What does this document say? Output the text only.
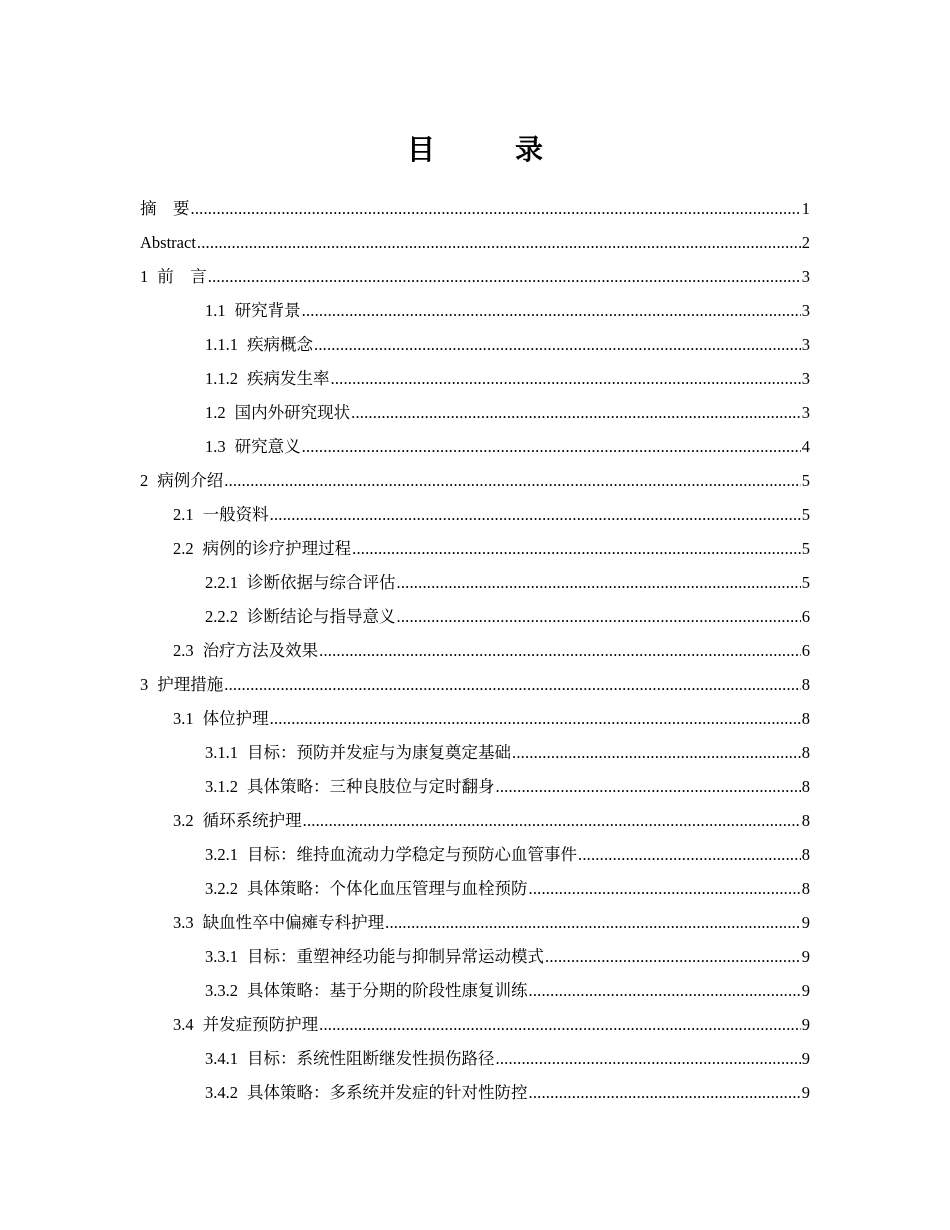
目　录
摘　要 .....	1
Abstract .....	2
1 前　言 .....	3
1.1 研究背景 .....	3
1.1.1 疾病概念 .....	3
1.1.2 疾病发生率 .....	3
1.2 国内外研究现状 .....	3
1.3 研究意义 .....	4
2 病例介绍 .....	5
2.1 一般资料 .....	5
2.2 病例的诊疗护理过程 .....	5
2.2.1 诊断依据与综合评估 .....	5
2.2.2 诊断结论与指导意义 .....	6
2.3 治疗方法及效果 .....	6
3 护理措施 .....	8
3.1 体位护理 .....	8
3.1.1 目标：预防并发症与为康复奠定基础 .....	8
3.1.2 具体策略：三种良肢位与定时翻身 .....	8
3.2 循环系统护理 .....	8
3.2.1 目标：维持血流动力学稳定与预防心血管事件 .....	8
3.2.2 具体策略：个体化血压管理与血栓预防 .....	8
3.3 缺血性卒中偏瘫专科护理 .....	9
3.3.1 目标：重塑神经功能与抑制异常运动模式 .....	9
3.3.2 具体策略：基于分期的阶段性康复训练 .....	9
3.4 并发症预防护理 .....	9
3.4.1 目标：系统性阻断继发性损伤路径 .....	9
3.4.2 具体策略：多系统并发症的针对性防控 .....	9
